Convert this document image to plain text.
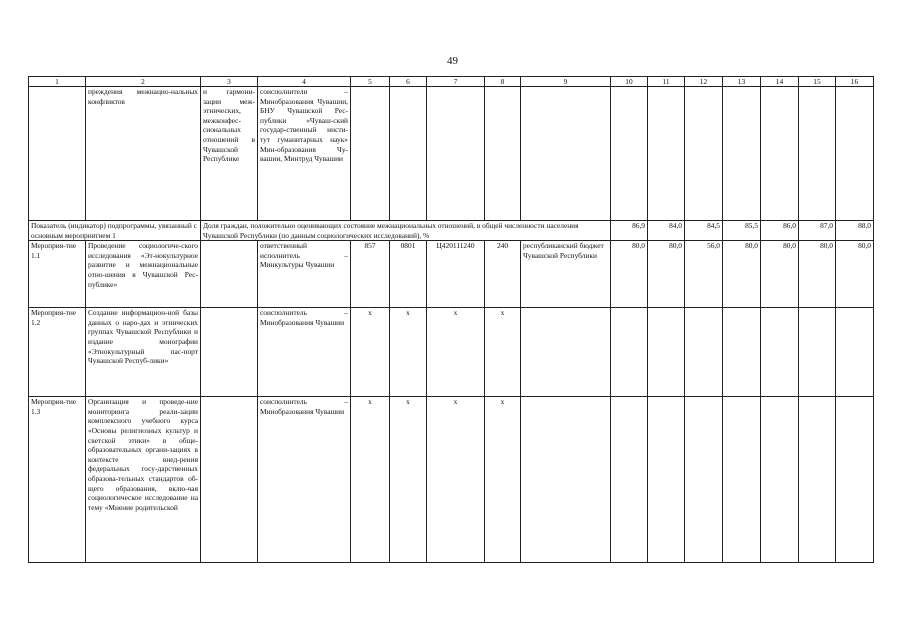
49
1	2	3	4	5	6	7	8	9	10	11	12	13	14	15	16
	преждения межнацио-нальных конфликтов	и гармони-зации меж-этнических, межконфес-сиональных отношений в Чувашской Республике	соисполнители – Минобразования Чувашии, БНУ Чувашской Рес-публики «Чуваш-ский государ-ственный инсти-тут гуманитарных наук» Мин-образования Чу-вашии, Минтруд Чувашии												
Показатель (индикатор) подпрограммы, увязанный с основным мероприятием 1		Доля граждан, положительно оценивающих состояние межнациональных отношений, в общей численности населения Чувашской Республики (по данным социологических исследований), %							86,9	84,0	84,5	85,5	86,0	87,0	88,0
Мероприя-тие 1.1	Проведение социологиче-ского исследования «Эт-нокультурное развитие и межнациональные отно-шения в Чувашской Рес-публике»		ответственный исполнитель – Минкультуры Чувашии	857	0801	Ц420111240	240	республиканский бюджет Чувашской Республики	80,0	80,0	56,0	80,0	80,0	80,0	80,0
Мероприя-тие 1.2	Создание информацион-ной базы данных о наро-дах и этнических группах Чувашской Республики и издание монографии «Этнокультурный пас-порт Чувашской Респуб-лики»		соисполнитель – Минобразования Чувашии	х	х	х	х								
Мероприя-тие 1.3	Организация и проведе-ние мониторинга реали-зации комплексного учебного курса «Основы религиозных культур и светской этики» в обще-образовательных органи-зациях в контексте внед-рения федеральных госу-дарственных образова-тельных стандартов об-щего образования, вклю-чая социологическое исследование на тему «Мнение родительской		соисполнитель – Минобразования Чувашии	х	х	х	х								
